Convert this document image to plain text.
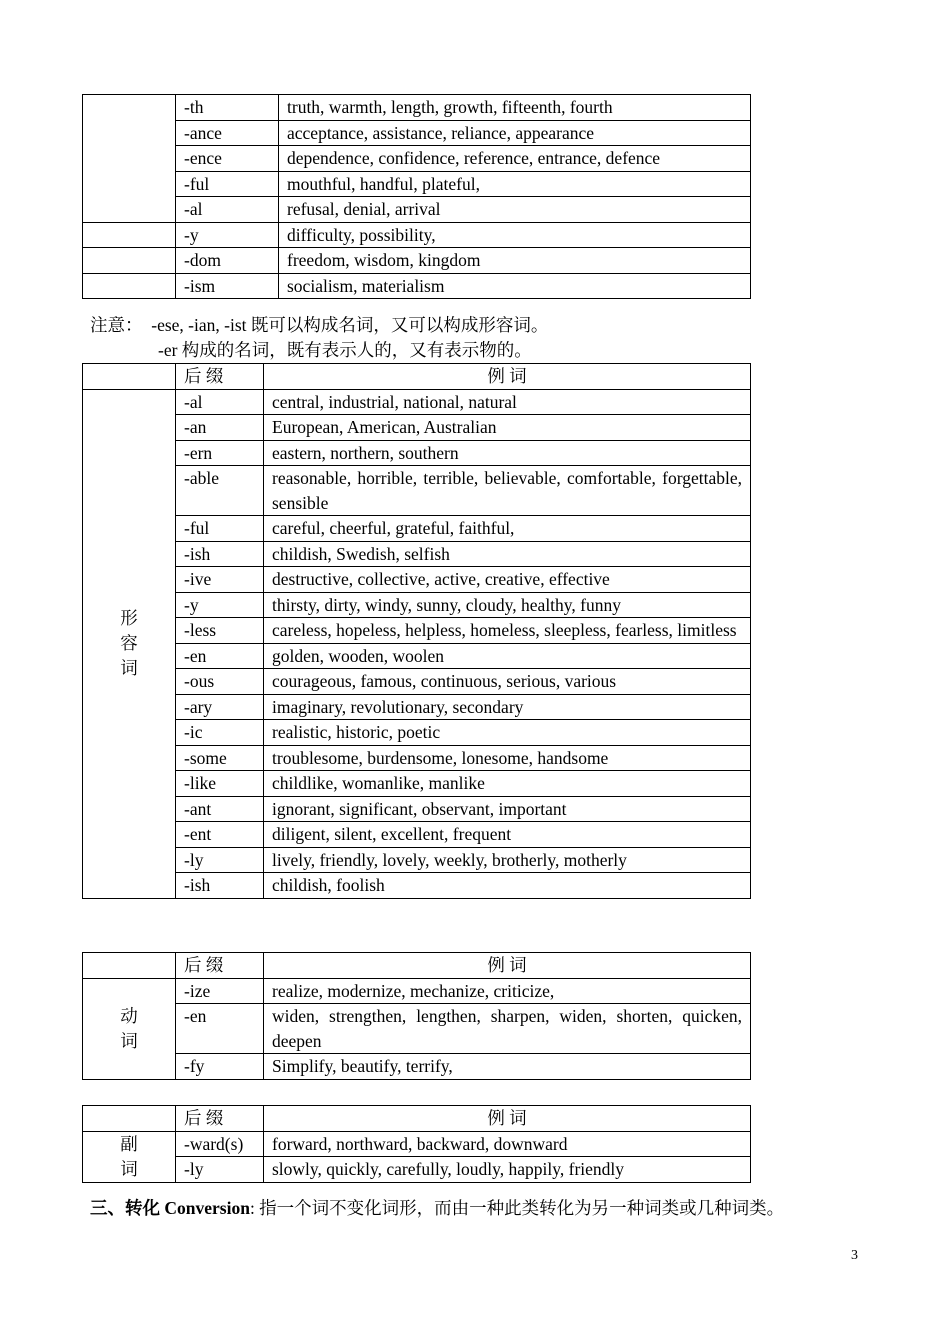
	-th	truth, warmth, length, growth, fifteenth, fourth
	-ance	acceptance, assistance, reliance, appearance
	-ence	dependence, confidence, reference, entrance, defence
	-ful	mouthful, handful, plateful,
	-al	refusal, denial, arrival
	-y	difficulty, possibility,
	-dom	freedom, wisdom, kingdom
	-ism	socialism, materialism
注意：  -ese, -ian, -ist 既可以构成名词，又可以构成形容词。
-er 构成的名词，既有表示人的，又有表示物的。
	后 缀	例 词
形容词	-al	central, industrial, national, natural
	-an	European, American, Australian
	-ern	eastern, northern, southern
	-able	reasonable, horrible, terrible, believable, comfortable, forgettable, sensible
	-ful	careful, cheerful, grateful, faithful,
	-ish	childish, Swedish, selfish
	-ive	destructive, collective, active, creative, effective
	-y	thirsty, dirty, windy, sunny, cloudy, healthy, funny
	-less	careless, hopeless, helpless, homeless, sleepless, fearless, limitless
	-en	golden, wooden, woolen
	-ous	courageous, famous, continuous, serious, various
	-ary	imaginary, revolutionary, secondary
	-ic	realistic, historic, poetic
	-some	troublesome, burdensome, lonesome, handsome
	-like	childlike, womanlike, manlike
	-ant	ignorant, significant, observant, important
	-ent	diligent, silent, excellent, frequent
	-ly	lively, friendly, lovely, weekly, brotherly, motherly
	-ish	childish, foolish
	后 缀	例 词
动词	-ize	realize, modernize, mechanize, criticize,
	-en	widen, strengthen, lengthen, sharpen, widen, shorten, quicken, deepen
	-fy	Simplify, beautify, terrify,
	后 缀	例 词
副词	-ward(s)	forward, northward, backward, downward
	-ly	slowly, quickly, carefully, loudly, happily, friendly
三、转化 Conversion: 指一个词不变化词形，而由一种此类转化为另一种词类或几种词类。
3
